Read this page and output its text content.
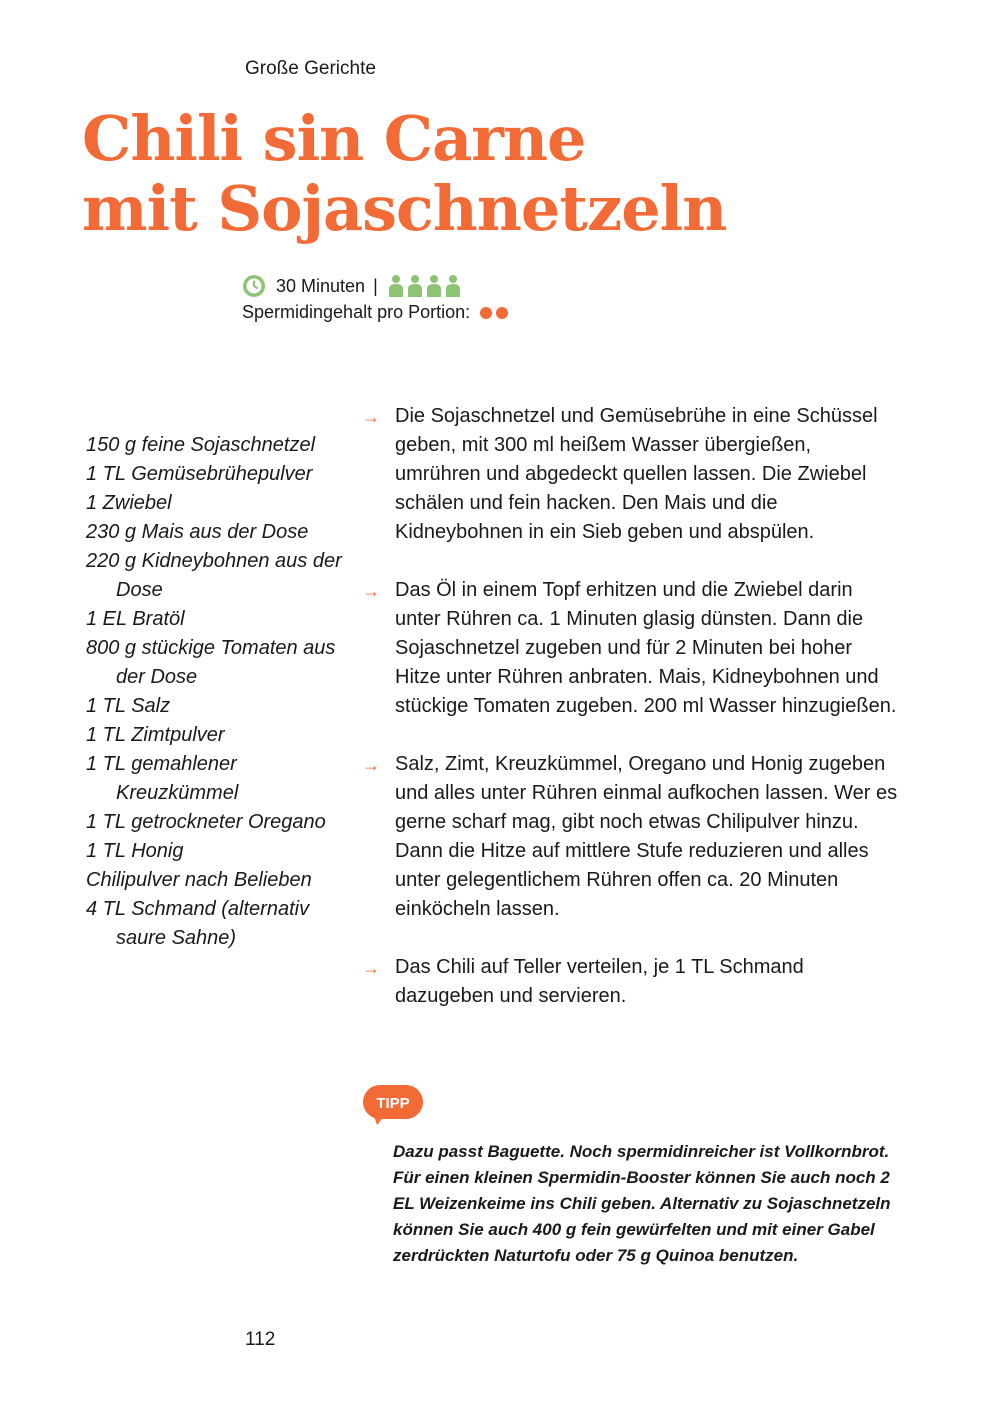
Große Gerichte
Chili sin Carne
mit Sojaschnetzeln
30 Minuten |
Spermidingehalt pro Portion:
150 g feine Sojaschnetzel
1 TL Gemüsebrühepulver
1 Zwiebel
230 g Mais aus der Dose
220 g Kidneybohnen aus der Dose
1 EL Bratöl
800 g stückige Tomaten aus der Dose
1 TL Salz
1 TL Zimtpulver
1 TL gemahlener Kreuzkümmel
1 TL getrockneter Oregano
1 TL Honig
Chilipulver nach Belieben
4 TL Schmand (alternativ saure Sahne)
→ Die Sojaschnetzel und Gemüsebrühe in eine Schüssel geben, mit 300 ml heißem Wasser übergießen, umrühren und abgedeckt quellen lassen. Die Zwiebel schälen und fein hacken. Den Mais und die Kidneybohnen in ein Sieb geben und abspülen.
→ Das Öl in einem Topf erhitzen und die Zwiebel darin unter Rühren ca. 1 Minuten glasig dünsten. Dann die Sojaschnetzel zugeben und für 2 Minuten bei hoher Hitze unter Rühren anbraten. Mais, Kidneybohnen und stückige Tomaten zugeben. 200 ml Wasser hinzugießen.
→ Salz, Zimt, Kreuzkümmel, Oregano und Honig zugeben und alles unter Rühren einmal aufkochen lassen. Wer es gerne scharf mag, gibt noch etwas Chilipulver hinzu. Dann die Hitze auf mittlere Stufe reduzieren und alles unter gelegentlichem Rühren offen ca. 20 Minuten einköcheln lassen.
→ Das Chili auf Teller verteilen, je 1 TL Schmand dazugeben und servieren.
TIPP

Dazu passt Baguette. Noch spermidinreicher ist Vollkornbrot. Für einen kleinen Spermidin-Booster können Sie auch noch 2 EL Weizenkeime ins Chili geben. Alternativ zu Sojaschnetzeln können Sie auch 400 g fein gewürfelten und mit einer Gabel zerdrückten Naturtofu oder 75 g Quinoa benutzen.

112
